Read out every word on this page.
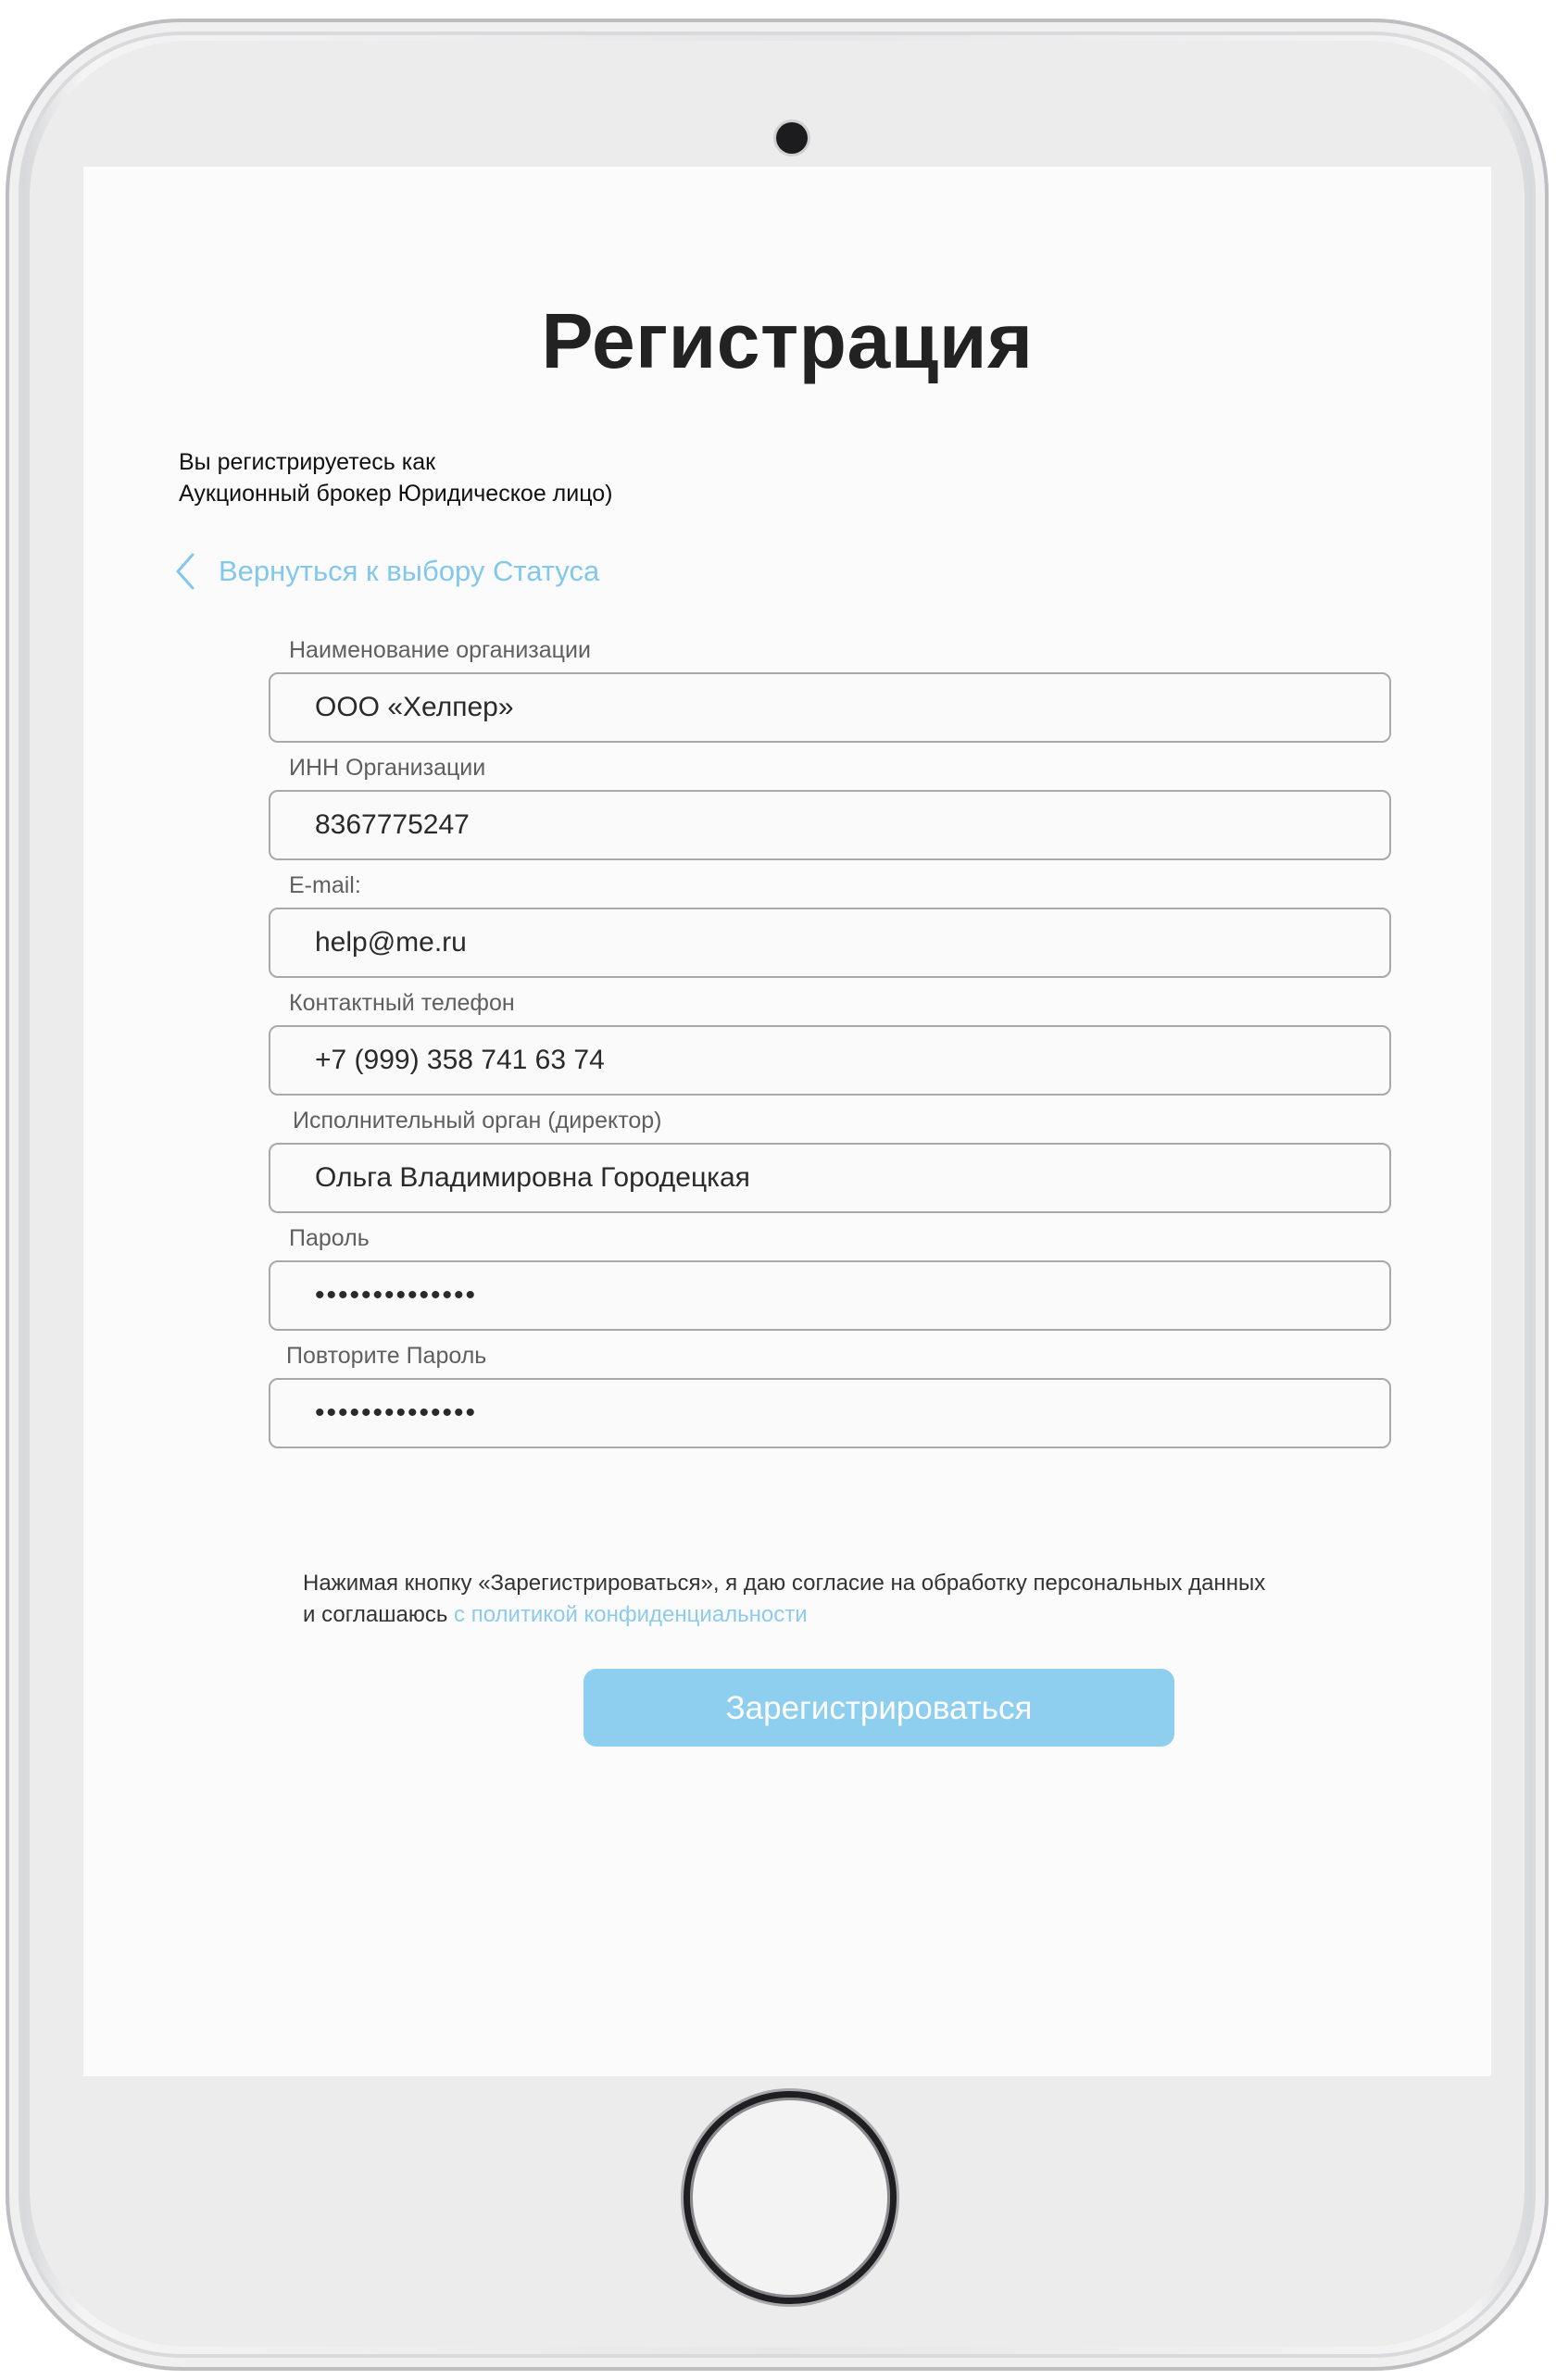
Регистрация
Вы регистрируетесь как
Аукционный брокер Юридическое лицо)
Вернуться к выбору Статуса
Наименование организации
ООО «Хелпер»
ИНН Организации
8367775247
E-mail:
help@me.ru
Контактный телефон
+7 (999) 358 741 63 74
Исполнительный орган (директор)
Ольга Владимировна Городецкая
Пароль
••••••••••••••
Повторите Пароль
••••••••••••••
Нажимая кнопку «Зарегистрироваться», я даю согласие на обработку персональных данных
и соглашаюсь с политикой конфиденциальности
Зарегистрироваться
